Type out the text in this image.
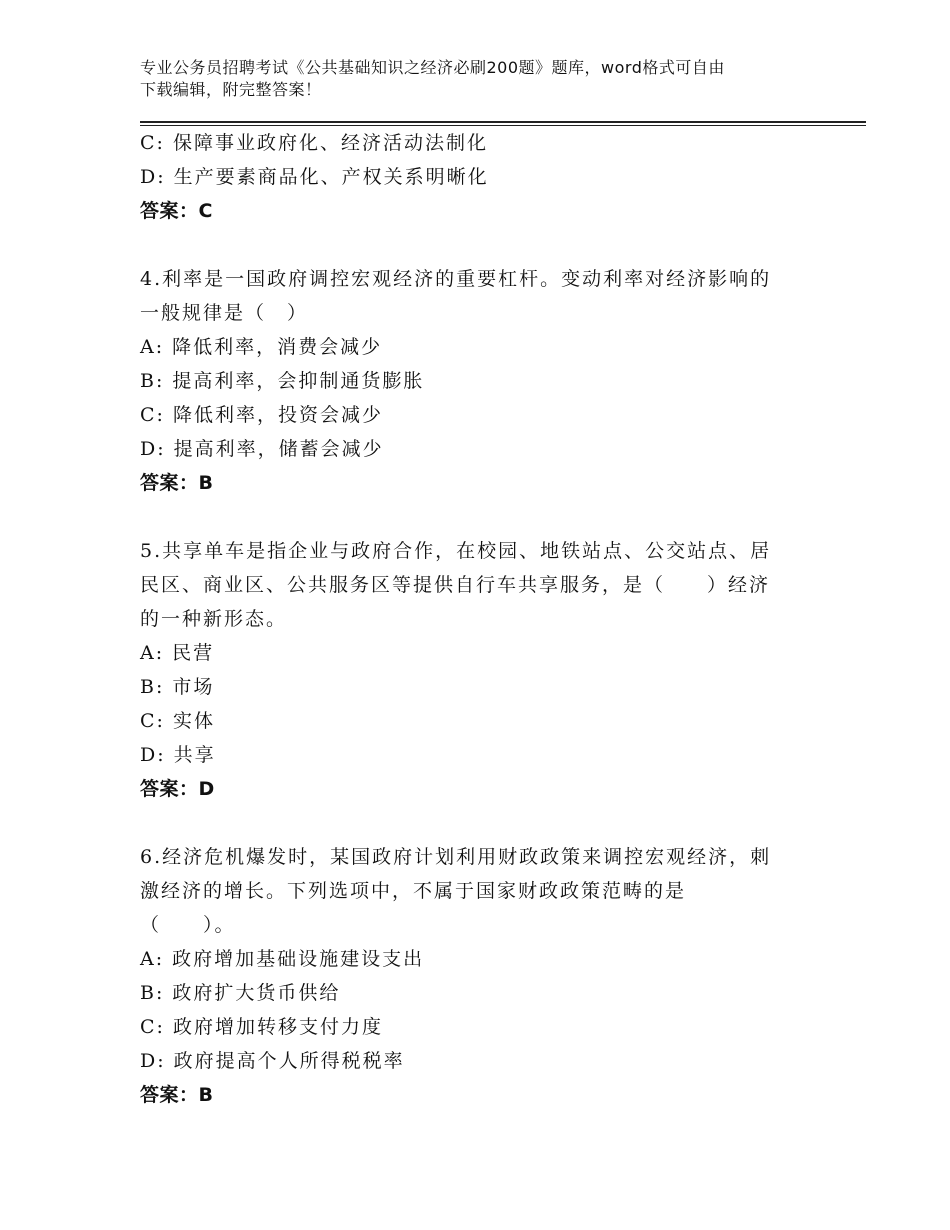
专业公务员招聘考试《公共基础知识之经济必刷200题》题库，word格式可自由
下载编辑，附完整答案！
C: 保障事业政府化、经济活动法制化
D: 生产要素商品化、产权关系明晰化
答案：C
4.利率是一国政府调控宏观经济的重要杠杆。变动利率对经济影响的
一般规律是（　）
A: 降低利率，消费会减少
B: 提高利率，会抑制通货膨胀
C: 降低利率，投资会减少
D: 提高利率，储蓄会减少
答案：B
5.共享单车是指企业与政府合作，在校园、地铁站点、公交站点、居
民区、商业区、公共服务区等提供自行车共享服务，是（　　）经济
的一种新形态。
A: 民营
B: 市场
C: 实体
D: 共享
答案：D
6.经济危机爆发时，某国政府计划利用财政政策来调控宏观经济，刺
激经济的增长。下列选项中，不属于国家财政政策范畴的是
（　　）。
A: 政府增加基础设施建设支出
B: 政府扩大货币供给
C: 政府增加转移支付力度
D: 政府提高个人所得税税率
答案：B
